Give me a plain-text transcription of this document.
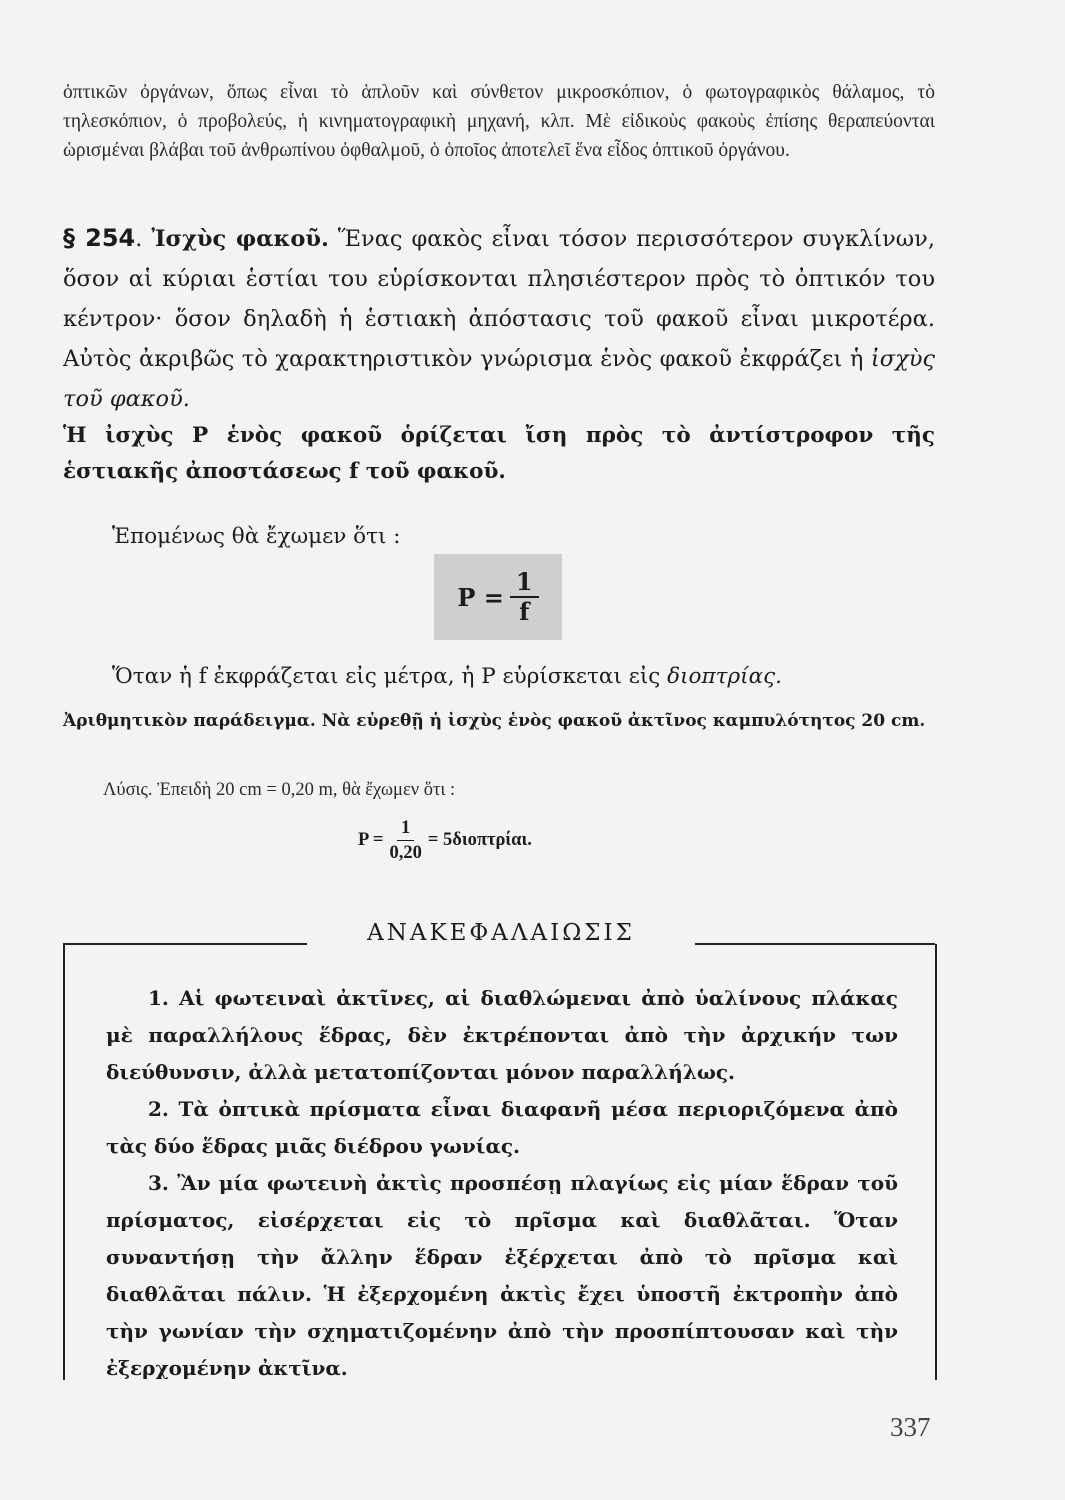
ὀπτικῶν ὀργάνων, ὅπως εἶναι τὸ ἁπλοῦν καὶ σύνθετον μικροσκόπιον, ὁ φωτογραφικὸς θάλαμος, τὸ τηλεσκόπιον, ὁ προβολεύς, ἡ κινηματογραφικὴ μηχανή, κλπ. Μὲ εἰδικοὺς φακοὺς ἐπίσης θεραπεύονται ὡρισμέναι βλάβαι τοῦ ἀνθρωπίνου ὀφθαλμοῦ, ὁ ὁποῖος ἀποτελεῖ ἕνα εἶδος ὀπτικοῦ ὀργάνου.

§ 254. Ἰσχὺς φακοῦ. Ἕνας φακὸς εἶναι τόσον περισσότερον συγκλίνων, ὅσον αἱ κύριαι ἑστίαι του εὑρίσκονται πλησιέστερον πρὸς τὸ ὀπτικόν του κέντρον· ὅσον δηλαδὴ ἡ ἑστιακὴ ἀπόστασις τοῦ φακοῦ εἶναι μικροτέρα. Αὐτὸς ἀκριβῶς τὸ χαρακτηριστικὸν γνώρισμα ἑνὸς φακοῦ ἐκφράζει ἡ ἰσχὺς τοῦ φακοῦ.

Ἡ ἰσχὺς P ἑνὸς φακοῦ ὁρίζεται ἴση πρὸς τὸ ἀντίστροφον τῆς ἑστιακῆς ἀποστάσεως f τοῦ φακοῦ.

Ἑπομένως θὰ ἔχωμεν ὅτι :

$P = \frac{1}{f}$

Ὅταν ἡ f ἐκφράζεται εἰς μέτρα, ἡ P εὑρίσκεται εἰς διοπτρίας.

Ἀριθμητικὸν παράδειγμα. Νὰ εὑρεθῇ ἡ ἰσχὺς ἑνὸς φακοῦ ἀκτῖνος καμπυλότητος 20 cm.

Λύσις. Ἐπειδὴ 20 cm = 0,20 m, θὰ ἔχωμεν ὅτι :

$P = \frac{1}{0,20} = 5\delta\iota o\pi\tau\rho ί\alpha\iota$.

ΑΝΑΚΕΦΑΛΑΙΩΣΙΣ

1. Αἱ φωτειναὶ ἀκτῖνες, αἱ διαθλώμεναι ἀπὸ ὑαλίνους πλάκας μὲ παραλλήλους ἕδρας, δὲν ἐκτρέπονται ἀπὸ τὴν ἀρχικήν των διεύθυνσιν, ἀλλὰ μετατοπίζονται μόνον παραλλήλως.
2. Τὰ ὀπτικὰ πρίσματα εἶναι διαφανῆ μέσα περιοριζόμενα ἀπὸ τὰς δύο ἕδρας μιᾶς διέδρου γωνίας.
3. Ἂν μία φωτεινὴ ἀκτὶς προσπέσῃ πλαγίως εἰς μίαν ἕδραν τοῦ πρίσματος, εἰσέρχεται εἰς τὸ πρῖσμα καὶ διαθλᾶται. Ὅταν συναντήσῃ τὴν ἄλλην ἕδραν ἐξέρχεται ἀπὸ τὸ πρῖσμα καὶ διαθλᾶται πάλιν. Ἡ ἐξερχομένη ἀκτὶς ἔχει ὑποστῆ ἐκτροπὴν ἀπὸ τὴν γωνίαν τὴν σχηματιζομένην ἀπὸ τὴν προσπίπτουσαν καὶ τὴν ἐξερχομένην ἀκτῖνα.

337
